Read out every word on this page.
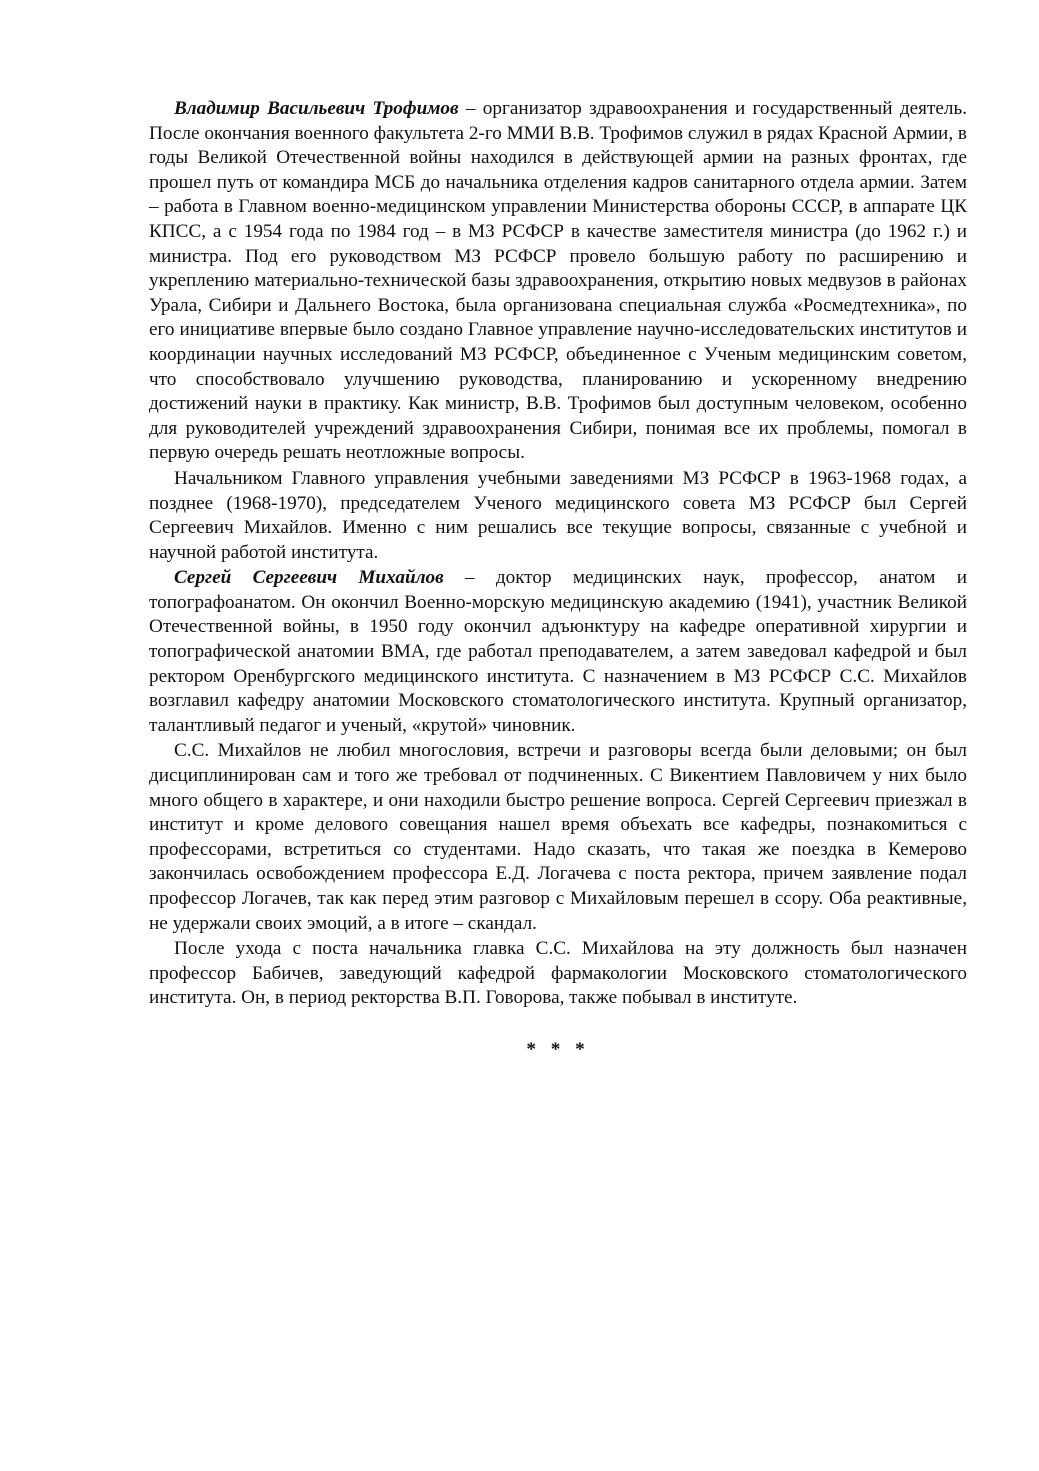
Владимир Васильевич Трофимов – организатор здравоохранения и государственный деятель. После окончания военного факультета 2-го ММИ В.В. Трофимов служил в рядах Красной Армии, в годы Великой Отечественной войны находился в действующей армии на разных фронтах, где прошел путь от командира МСБ до начальника отделения кадров санитарного отдела армии. Затем – работа в Главном военно-медицинском управлении Министерства обороны СССР, в аппарате ЦК КПСС, а с 1954 года по 1984 год – в МЗ РСФСР в качестве заместителя министра (до 1962 г.) и министра. Под его руководством МЗ РСФСР провело большую работу по расширению и укреплению материально-технической базы здравоохранения, открытию новых медвузов в районах Урала, Сибири и Дальнего Востока, была организована специальная служба «Росмедтехника», по его инициативе впервые было создано Главное управление научно-исследовательских институтов и координации научных исследований МЗ РСФСР, объединенное с Ученым медицинским советом, что способствовало улучшению руководства, планированию и ускоренному внедрению достижений науки в практику. Как министр, В.В. Трофимов был доступным человеком, особенно для руководителей учреждений здравоохранения Сибири, понимая все их проблемы, помогал в первую очередь решать неотложные вопросы.

Начальником Главного управления учебными заведениями МЗ РСФСР в 1963-1968 годах, а позднее (1968-1970), председателем Ученого медицинского совета МЗ РСФСР был Сергей Сергеевич Михайлов. Именно с ним решались все текущие вопросы, связанные с учебной и научной работой института.

Сергей Сергеевич Михайлов – доктор медицинских наук, профессор, анатом и топографоанатом. Он окончил Военно-морскую медицинскую академию (1941), участник Великой Отечественной войны, в 1950 году окончил адъюнктуру на кафедре оперативной хирургии и топографической анатомии ВМА, где работал преподавателем, а затем заведовал кафедрой и был ректором Оренбургского медицинского института. С назначением в МЗ РСФСР С.С. Михайлов возглавил кафедру анатомии Московского стоматологического института. Крупный организатор, талантливый педагог и ученый, «крутой» чиновник.

С.С. Михайлов не любил многословия, встречи и разговоры всегда были деловыми; он был дисциплинирован сам и того же требовал от подчиненных. С Викентием Павловичем у них было много общего в характере, и они находили быстро решение вопроса. Сергей Сергеевич приезжал в институт и кроме делового совещания нашел время объехать все кафедры, познакомиться с профессорами, встретиться со студентами. Надо сказать, что такая же поездка в Кемерово закончилась освобождением профессора Е.Д. Логачева с поста ректора, причем заявление подал профессор Логачев, так как перед этим разговор с Михайловым перешел в ссору. Оба реактивные, не удержали своих эмоций, а в итоге – скандал.

После ухода с поста начальника главка С.С. Михайлова на эту должность был назначен профессор Бабичев, заведующий кафедрой фармакологии Московского стоматологического института. Он, в период ректорства В.П. Говорова, также побывал в институте.

* * *
